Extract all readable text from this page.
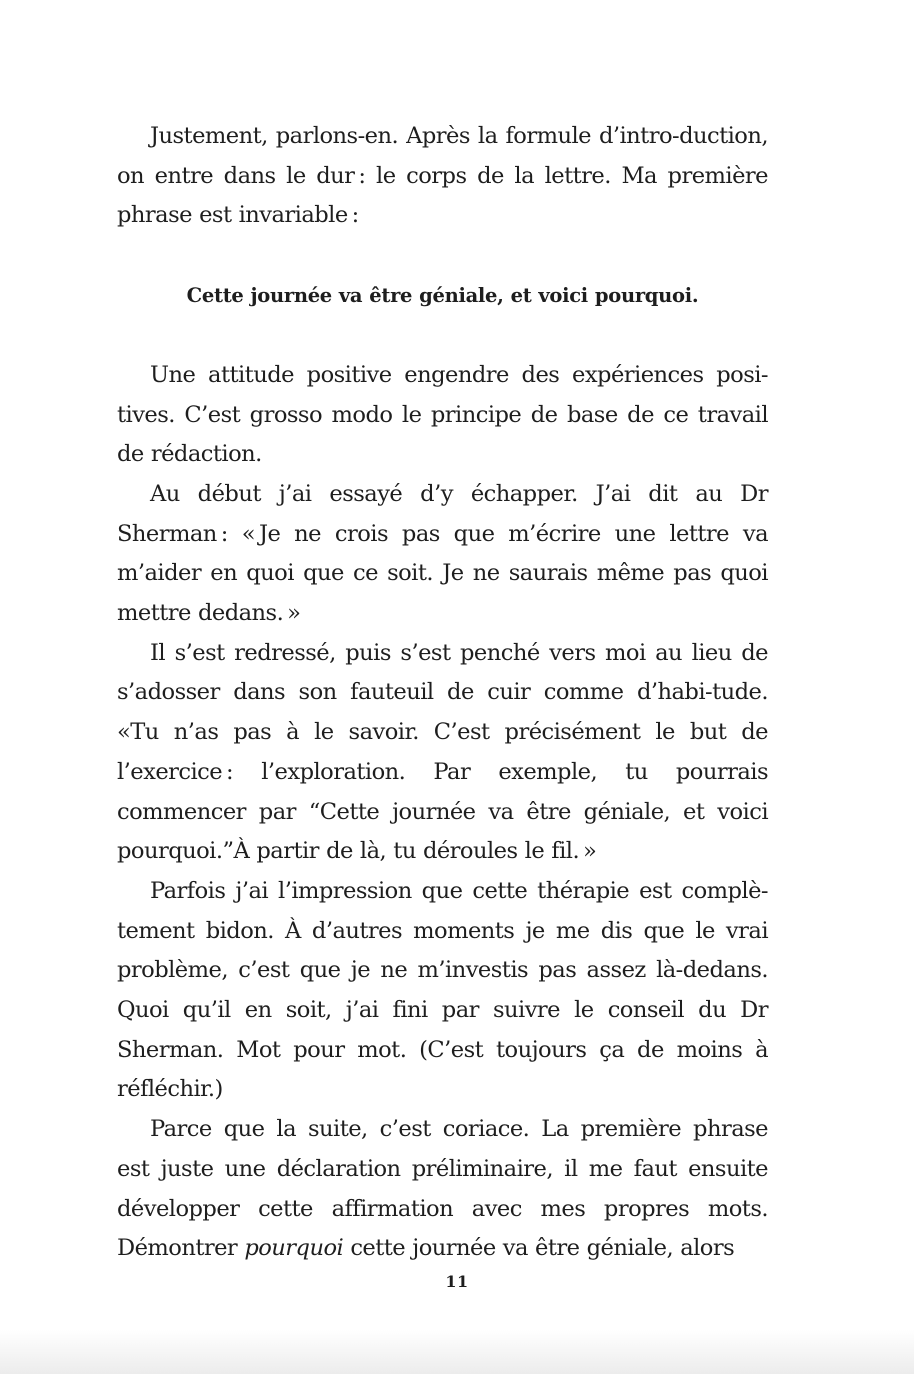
Justement, parlons-en. Après la formule d’intro-duction, on entre dans le dur : le corps de la lettre. Ma première phrase est invariable :

Cette journée va être géniale, et voici pourquoi.

Une attitude positive engendre des expériences posi-tives. C’est grosso modo le principe de base de ce travail de rédaction.

Au début j’ai essayé d’y échapper. J’ai dit au Dr Sherman : « Je ne crois pas que m’écrire une lettre va m’aider en quoi que ce soit. Je ne saurais même pas quoi mettre dedans. »

Il s’est redressé, puis s’est penché vers moi au lieu de s’adosser dans son fauteuil de cuir comme d’habi-tude. «Tu n’as pas à le savoir. C’est précisément le but de l’exercice : l’exploration. Par exemple, tu pourrais commencer par “Cette journée va être géniale, et voici pourquoi.”À partir de là, tu déroules le fil. »

Parfois j’ai l’impression que cette thérapie est complè-tement bidon. À d’autres moments je me dis que le vrai problème, c’est que je ne m’investis pas assez là-dedans. Quoi qu’il en soit, j’ai fini par suivre le conseil du Dr Sherman. Mot pour mot. (C’est toujours ça de moins à réfléchir.)

Parce que la suite, c’est coriace. La première phrase est juste une déclaration préliminaire, il me faut ensuite développer cette affirmation avec mes propres mots. Démontrer pourquoi cette journée va être géniale, alors

11
